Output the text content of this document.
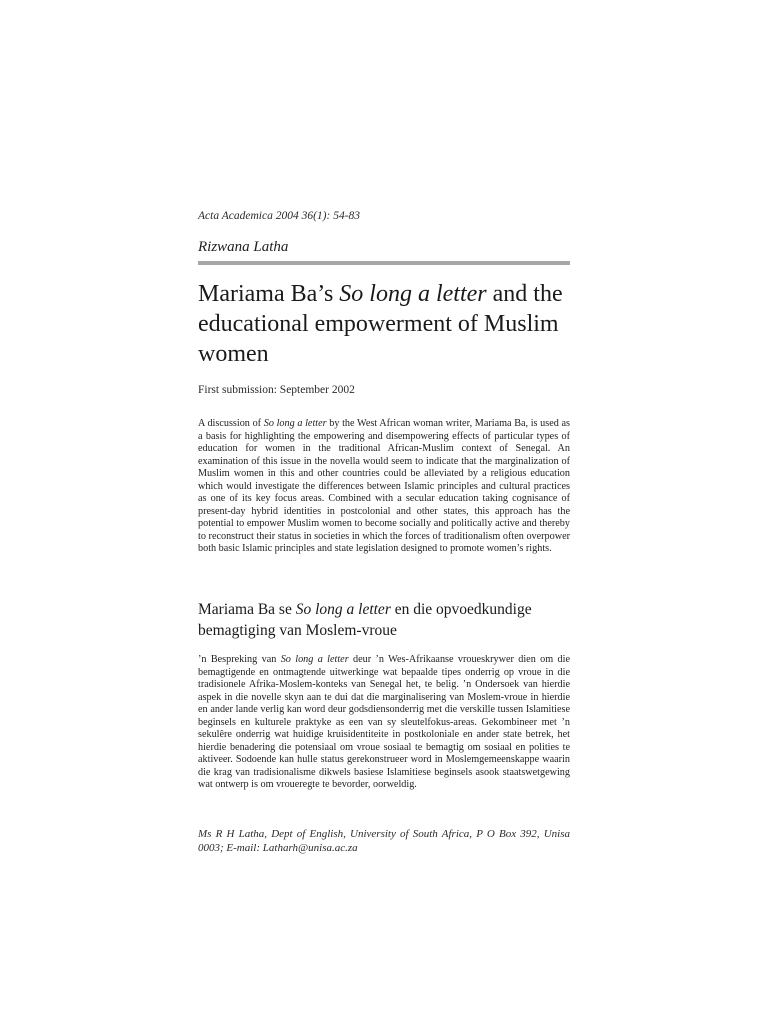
Acta Academica 2004 36(1): 54-83
Rizwana Latha
Mariama Ba’s So long a letter and the educational empowerment of Muslim women
First submission: September 2002

A discussion of So long a letter by the West African woman writer, Mariama Ba, is used as a basis for highlighting the empowering and disempowering effects of particular types of education for women in the traditional African-Muslim context of Senegal. An examination of this issue in the novella would seem to indicate that the marginalization of Muslim women in this and other countries could be alleviated by a religious education which would investigate the differences between Islamic principles and cultural practices as one of its key focus areas. Combined with a secular education taking cognisance of present-day hybrid identities in postcolonial and other states, this approach has the potential to empower Muslim women to become socially and politically active and thereby to reconstruct their status in societies in which the forces of traditionalism often overpower both basic Islamic principles and state legislation designed to promote women’s rights.

Mariama Ba se So long a letter en die opvoedkundige bemagtiging van Moslem-vroue

’n Bespreking van So long a letter deur ’n Wes-Afrikaanse vroueskrywer dien om die bemagtigende en ontmagtende uitwerkinge wat bepaalde tipes onderrig op vroue in die tradisionele Afrika-Moslem-konteks van Senegal het, te belig. ’n Ondersoek van hierdie aspek in die novelle skyn aan te dui dat die marginalisering van Moslem-vroue in hierdie en ander lande verlig kan word deur godsdiensonderrig met die verskille tussen Islamitiese beginsels en kulturele praktyke as een van sy sleutelfokus-areas. Gekombineer met ’n sekulêre onderrig wat huidige kruisidentiteite in postkoloniale en ander state betrek, het hierdie benadering die potensiaal om vroue sosiaal te bemagtig om sosiaal en polities te aktiveer. Sodoende kan hulle status gerekonstrueer word in Moslemgemeenskappe waarin die krag van tradisionalisme dikwels basiese Islamitiese beginsels asook staatswetgewing wat ontwerp is om vroueregte te bevorder, oorweldig.

Ms R H Latha, Dept of English, University of South Africa, P O Box 392, Unisa 0003; E-mail: Latharh@unisa.ac.za
